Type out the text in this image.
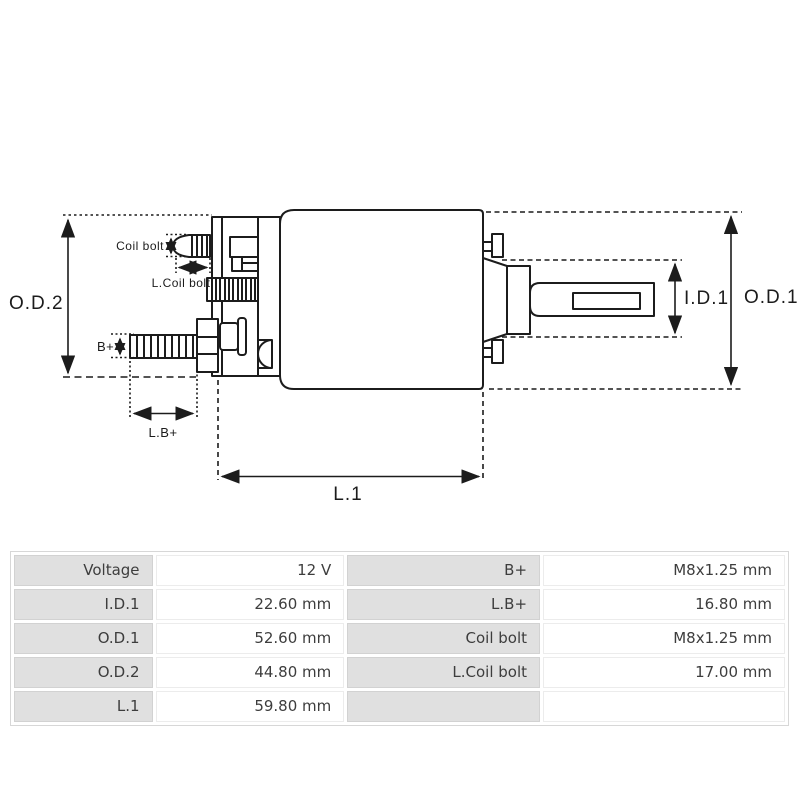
O.D.2	I.D.1 O.D.1
L.1
Coil bolt
L.Coil bolt
B+
L.B+
Voltage	12 V	B+	M8x1.25 mm
I.D.1	22.60 mm	L.B+	16.80 mm
O.D.1	52.60 mm	Coil bolt	M8x1.25 mm
O.D.2	44.80 mm	L.Coil bolt	17.00 mm
L.1	59.80 mm		
